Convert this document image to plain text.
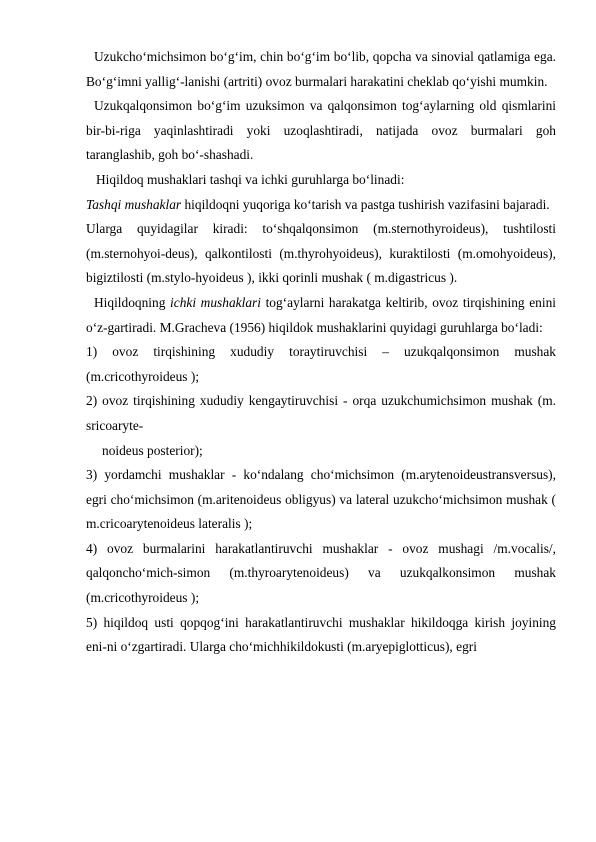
Uzukcho‘michsimon bo‘g‘im, chin bo‘g‘im bo‘lib, qopcha va sinovial qatlamiga ega. Bo‘g‘imni yallig‘-lanishi (artriti) ovoz burmalari harakatini cheklab qo‘yishi mumkin.

Uzukqalqonsimon bo‘g‘im uzuksimon va qalqonsimon tog‘aylarning old qismlarini bir-bi-riga yaqinlashtiradi yoki uzoqlashtiradi, natijada ovoz burmalari goh taranglashib, goh bo‘-shashadi.

Hiqildoq mushaklari tashqi va ichki guruhlarga bo‘linadi:

Tashqi mushaklar hiqildoqni yuqoriga ko‘tarish va pastga tushirish vazifasini bajaradi.

Ularga quyidagilar kiradi: to‘shqalqonsimon (m.sternothyroideus), tushtilosti (m.sternohyoi-deus), qalkontilosti (m.thyrohyoideus), kuraktilosti (m.omohyoideus), bigiztilosti (m.stylo-hyoideus ), ikki qorinli mushak ( m.digastricus ).

Hiqildoqning ichki mushaklari tog‘aylarni harakatga keltirib, ovoz tirqishining enini o‘z-gartiradi. M.Gracheva (1956) hiqildok mushaklarini quyidagi guruhlarga bo‘ladi:

1) ovoz tirqishining xududiy toraytiruvchisi – uzukqalqonsimon mushak (m.cricothyroideus );

2) ovoz tirqishining xududiy kengaytiruvchisi - orqa uzukchumichsimon mushak (m. sricoaryte-

noideus posterior);

3) yordamchi mushaklar - ko‘ndalang cho‘michsimon (m.arytenoideustransversus), egri cho‘michsimon (m.aritenoideus obligyus) va lateral uzukcho‘michsimon mushak ( m.cricoarytenoideus lateralis );

4) ovoz burmalarini harakatlantiruvchi mushaklar - ovoz mushagi /m.vocalis/, qalqoncho‘mich-simon (m.thyroarytenoideus) va uzukqalkonsimon mushak (m.cricothyroideus );

5) hiqildoq usti qopqog‘ini harakatlantiruvchi mushaklar hikildoqga kirish joyining eni-ni o‘zgartiradi. Ularga cho‘michhikildokusti (m.aryepiglotticus), egri
